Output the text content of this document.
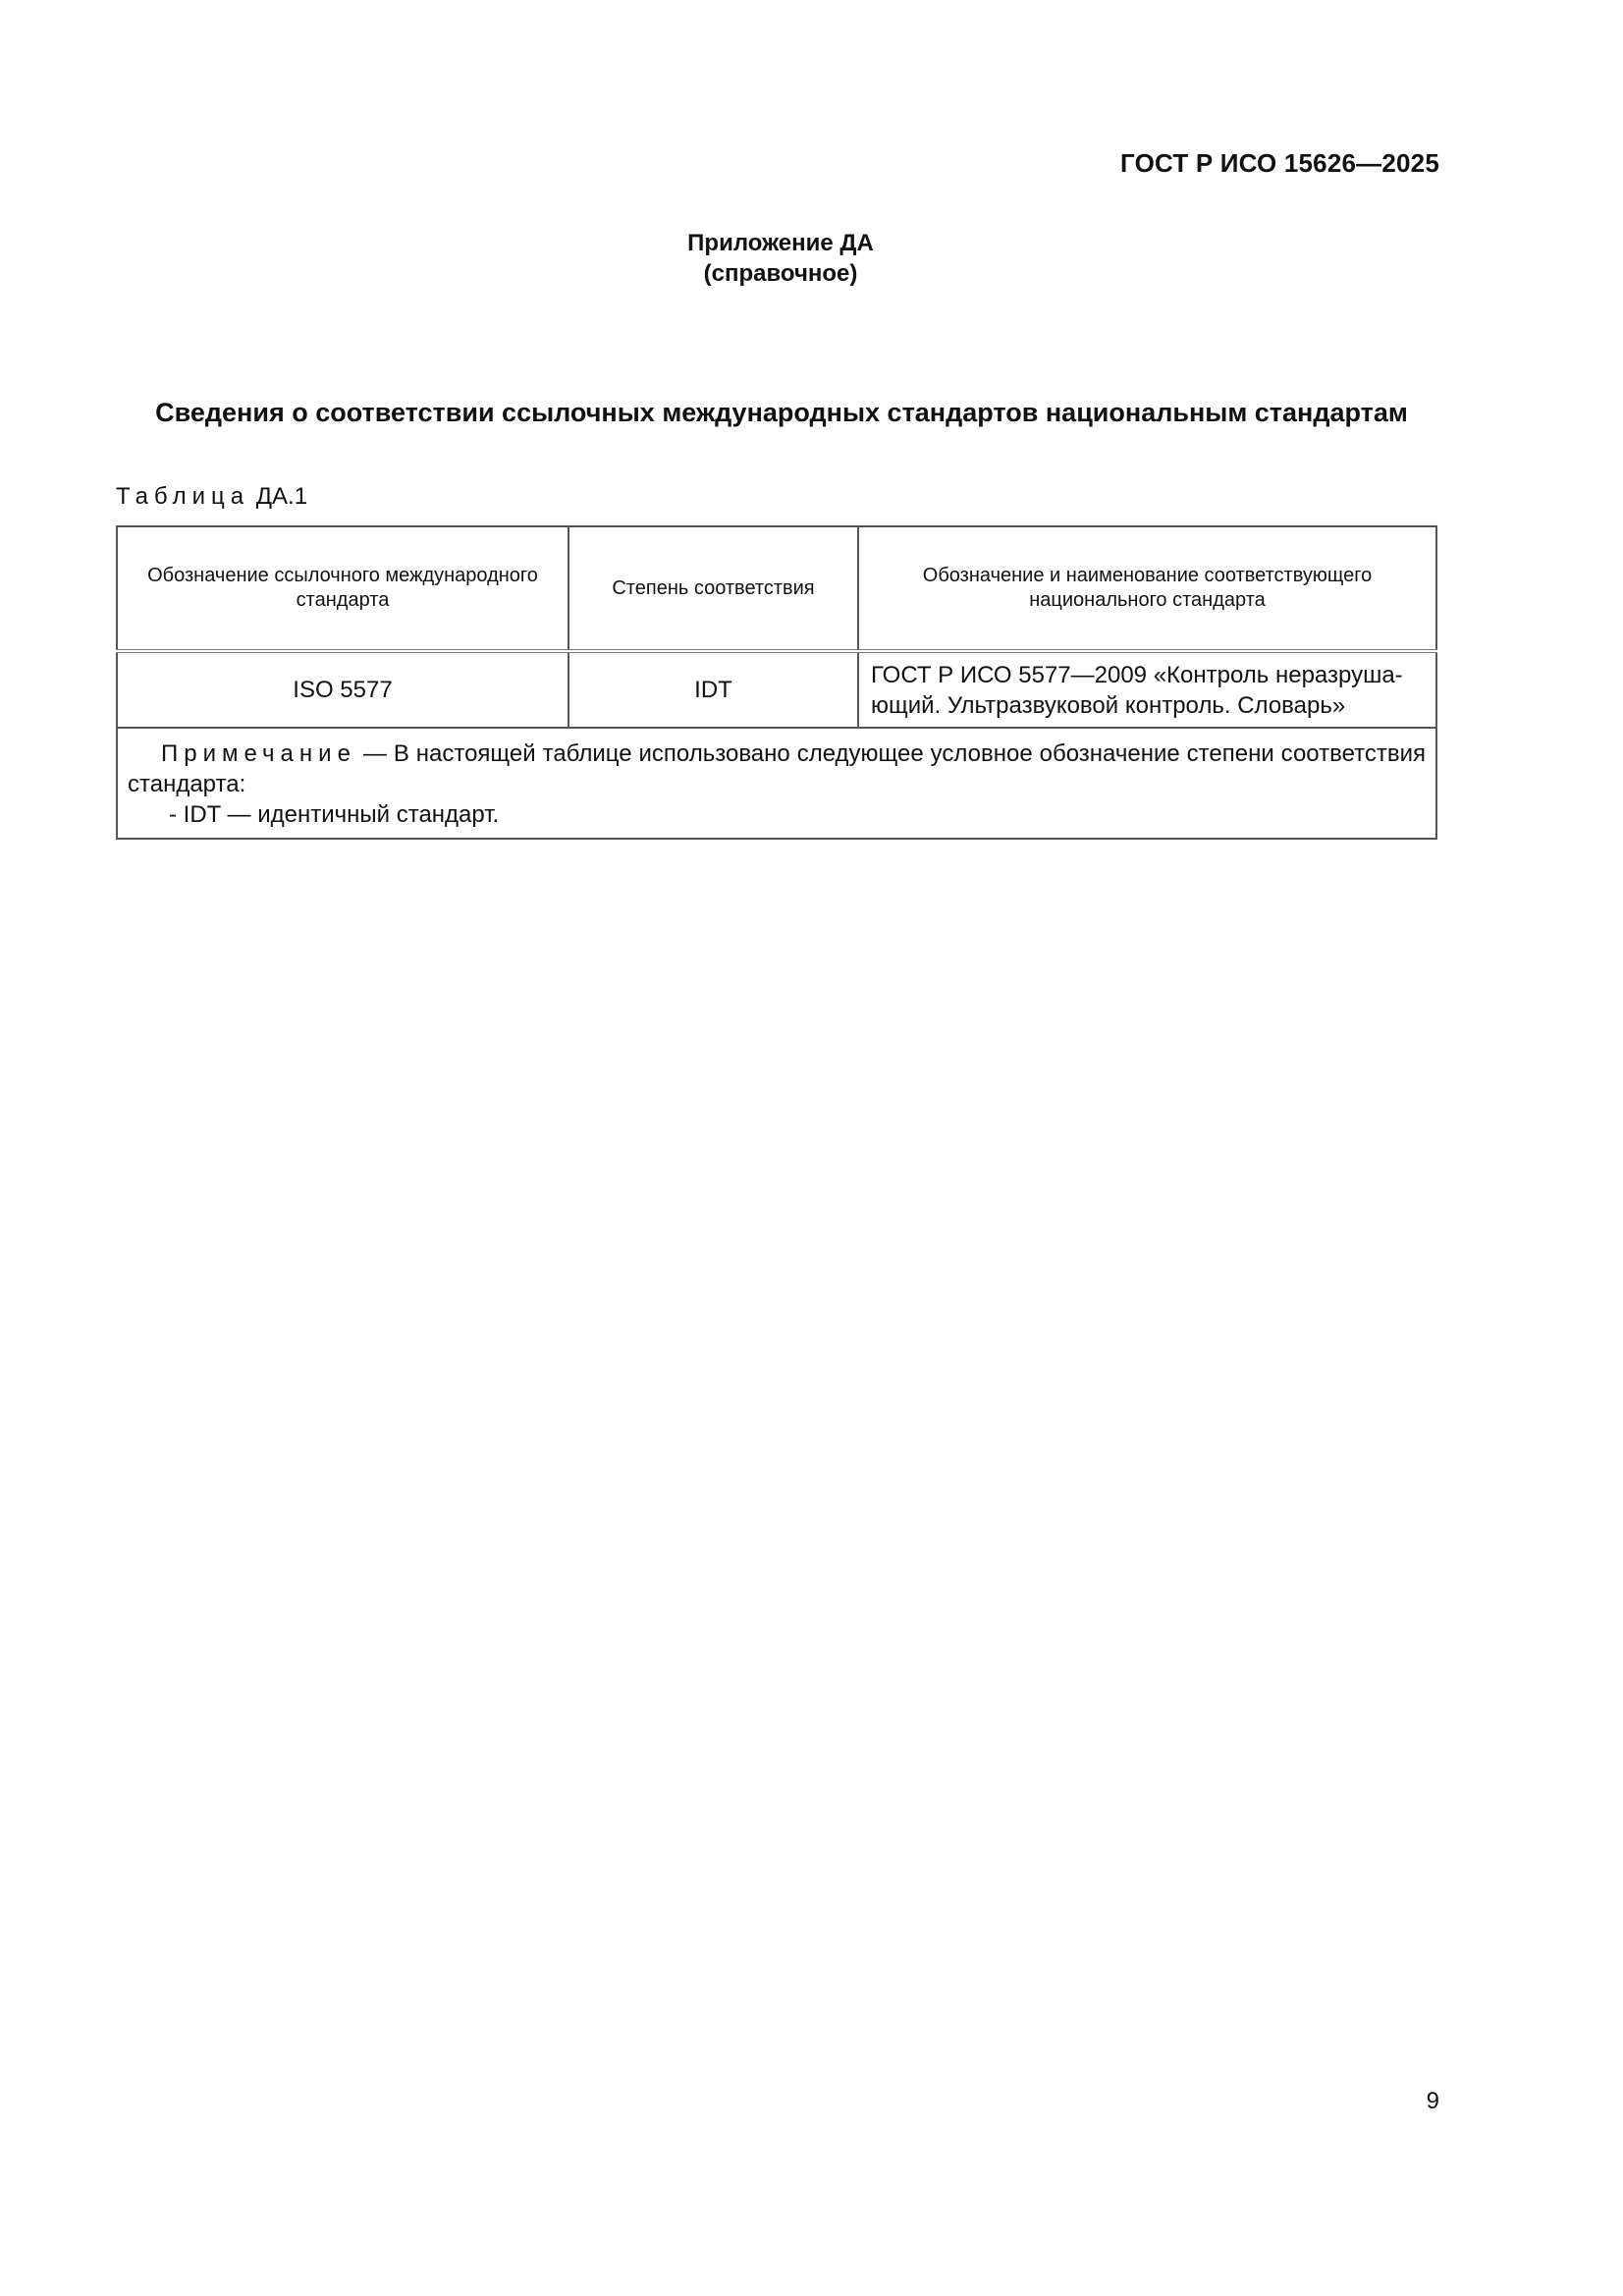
ГОСТ Р ИСО 15626—2025
Приложение ДА
(справочное)
Сведения о соответствии ссылочных международных стандартов национальным стандартам
Таблица ДА.1
Обозначение ссылочного международного стандарта	Степень соответствия	Обозначение и наименование соответствующего национального стандарта
ISO 5577	IDT	ГОСТ Р ИСО 5577—2009 «Контроль неразруша-ющий. Ультразвуковой контроль. Словарь»
Примечание — В настоящей таблице использовано следующее условное обозначение степени соответствия стандарта:
- IDT — идентичный стандарт.		
9
